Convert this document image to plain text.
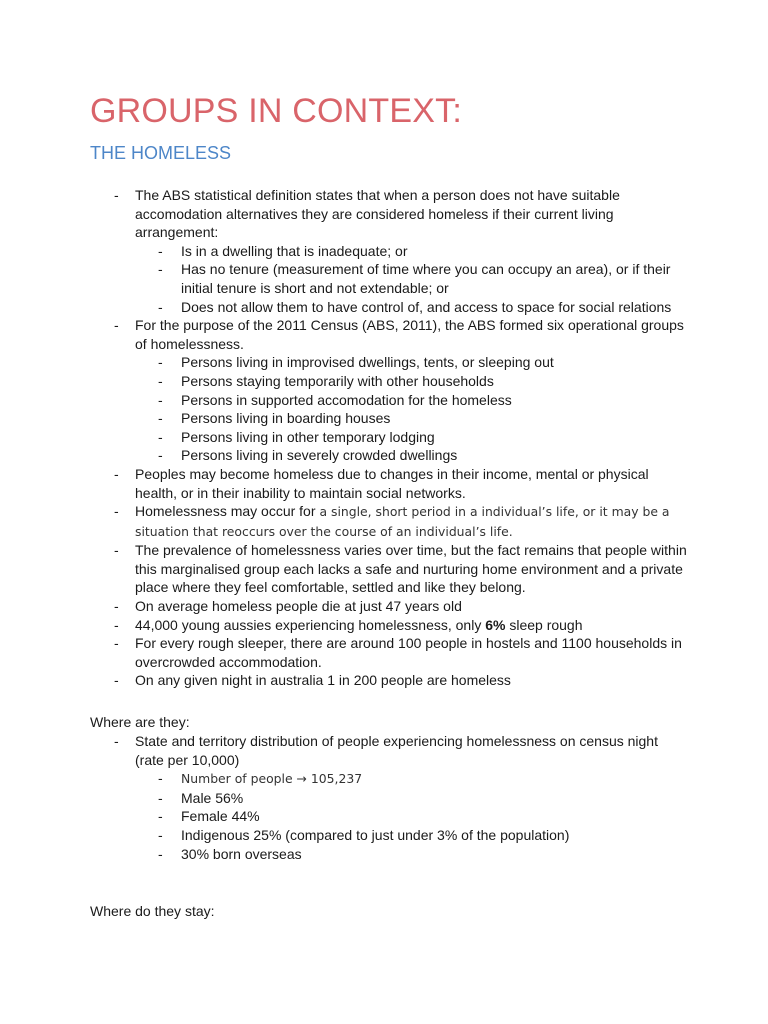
GROUPS IN CONTEXT:
THE HOMELESS
- The ABS statistical definition states that when a person does not have suitable accomodation alternatives they are considered homeless if their current living arrangement:
- Is in a dwelling that is inadequate; or
- Has no tenure (measurement of time where you can occupy an area), or if their initial tenure is short and not extendable; or
- Does not allow them to have control of, and access to space for social relations
- For the purpose of the 2011 Census (ABS, 2011), the ABS formed six operational groups of homelessness.
- Persons living in improvised dwellings, tents, or sleeping out
- Persons staying temporarily with other households
- Persons in supported accomodation for the homeless
- Persons living in boarding houses
- Persons living in other temporary lodging
- Persons living in severely crowded dwellings
- Peoples may become homeless due to changes in their income, mental or physical health, or in their inability to maintain social networks.
- Homelessness may occur for a single, short period in a individual’s life, or it may be a situation that reoccurs over the course of an individual’s life.
- The prevalence of homelessness varies over time, but the fact remains that people within this marginalised group each lacks a safe and nurturing home environment and a private place where they feel comfortable, settled and like they belong.
- On average homeless people die at just 47 years old
- 44,000 young aussies experiencing homelessness, only 6% sleep rough
- For every rough sleeper, there are around 100 people in hostels and 1100 households in overcrowded accommodation.
- On any given night in australia 1 in 200 people are homeless

Where are they:

- State and territory distribution of people experiencing homelessness on census night (rate per 10,000)
- Number of people → 105,237
- Male 56%
- Female 44%
- Indigenous 25% (compared to just under 3% of the population)
- 30% born overseas

Where do they stay:
